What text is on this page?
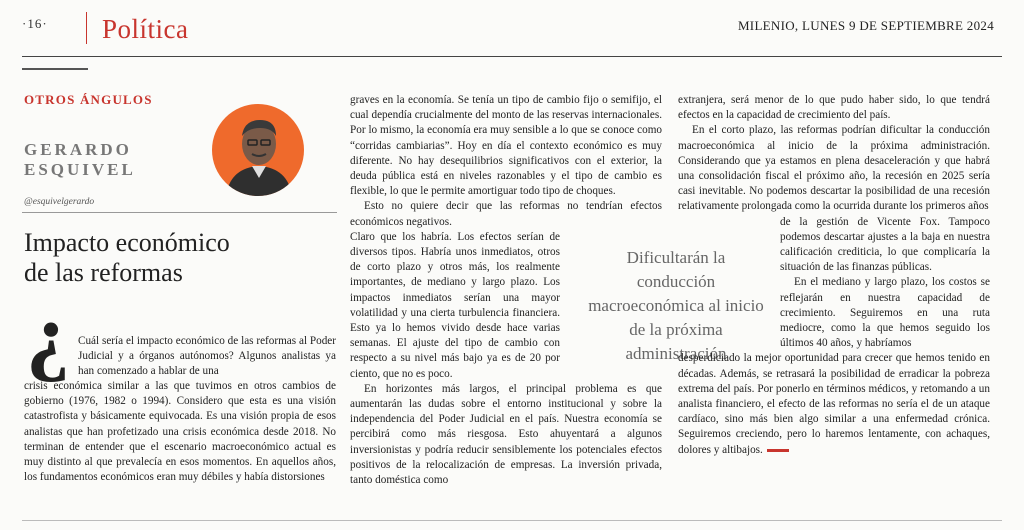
·16· Política	MILENIO, LUNES 9 DE SEPTIEMBRE 2024
OTROS ÁNGULOS
GERARDO
ESQUIVEL
@esquivelgerardo
Impacto económico
de las reformas
¿ Cuál sería el impacto económico de las reformas al Poder Judicial y a órganos autónomos? Algunos analistas ya han comenzado a hablar de una

crisis económica similar a las que tuvimos en otros cambios de gobierno (1976, 1982 o 1994). Considero que esta es una visión catastrofista y básicamente equivocada. Es una visión propia de esos analistas que han profetizado una crisis económica desde 2018. No terminan de entender que el escenario macroeconómico actual es muy distinto al que prevalecía en esos momentos. En aquellos años, los fundamentos económicos eran muy débiles y había distorsiones

graves en la economía. Se tenía un tipo de cambio fijo o semifijo, el cual dependía crucialmente del monto de las reservas internacionales. Por lo mismo, la economía era muy sensible a lo que se conoce como “corridas cambiarias”. Hoy en día el contexto económico es muy diferente. No hay desequilibrios significativos con el exterior, la deuda pública está en niveles razonables y el tipo de cambio es flexible, lo que le permite amortiguar todo tipo de choques.

Esto no quiere decir que las reformas no tendrían efectos económicos negativos.

Claro que los habría. Los efectos serían de diversos tipos. Habría unos inmediatos, otros de corto plazo y otros más, los realmente importantes, de mediano y largo plazo. Los impactos inmediatos serían una mayor volatilidad y una cierta turbulencia financiera. Esto ya lo hemos vivido desde hace varias semanas. El ajuste del tipo de cambio con respecto a su nivel más bajo ya es de 20 por ciento, que no es poco.

En horizontes más largos, el principal problema es que aumentarán las dudas sobre el entorno institucional y sobre la independencia del Poder Judicial en el país. Nuestra economía se percibirá como más riesgosa. Esto ahuyentará a algunos inversionistas y podría reducir sensiblemente los potenciales efectos positivos de la relocalización de empresas. La inversión privada, tanto doméstica como

Dificultarán la conducción macroeconómica al inicio de la próxima administración

extranjera, será menor de lo que pudo haber sido, lo que tendrá efectos en la capacidad de crecimiento del país.

En el corto plazo, las reformas podrían dificultar la conducción macroeconómica al inicio de la próxima administración. Considerando que ya estamos en plena desaceleración y que habrá una consolidación fiscal el próximo año, la recesión en 2025 sería casi inevitable. No podemos descartar la posibilidad de una recesión relativamente prolongada como la ocurrida durante los primeros años

de la gestión de Vicente Fox. Tampoco podemos descartar ajustes a la baja en nuestra calificación crediticia, lo que complicaría la situación de las finanzas públicas.

En el mediano y largo plazo, los costos se reflejarán en nuestra capacidad de crecimiento. Seguiremos en una ruta mediocre, como la que hemos seguido los últimos 40 años, y habríamos

desperdiciado la mejor oportunidad para crecer que hemos tenido en décadas. Además, se retrasará la posibilidad de erradicar la pobreza extrema del país. Por ponerlo en términos médicos, y retomando a un analista financiero, el efecto de las reformas no sería el de un ataque cardíaco, sino más bien algo similar a una enfermedad crónica. Seguiremos creciendo, pero lo haremos lentamente, con achaques, dolores y altibajos.
